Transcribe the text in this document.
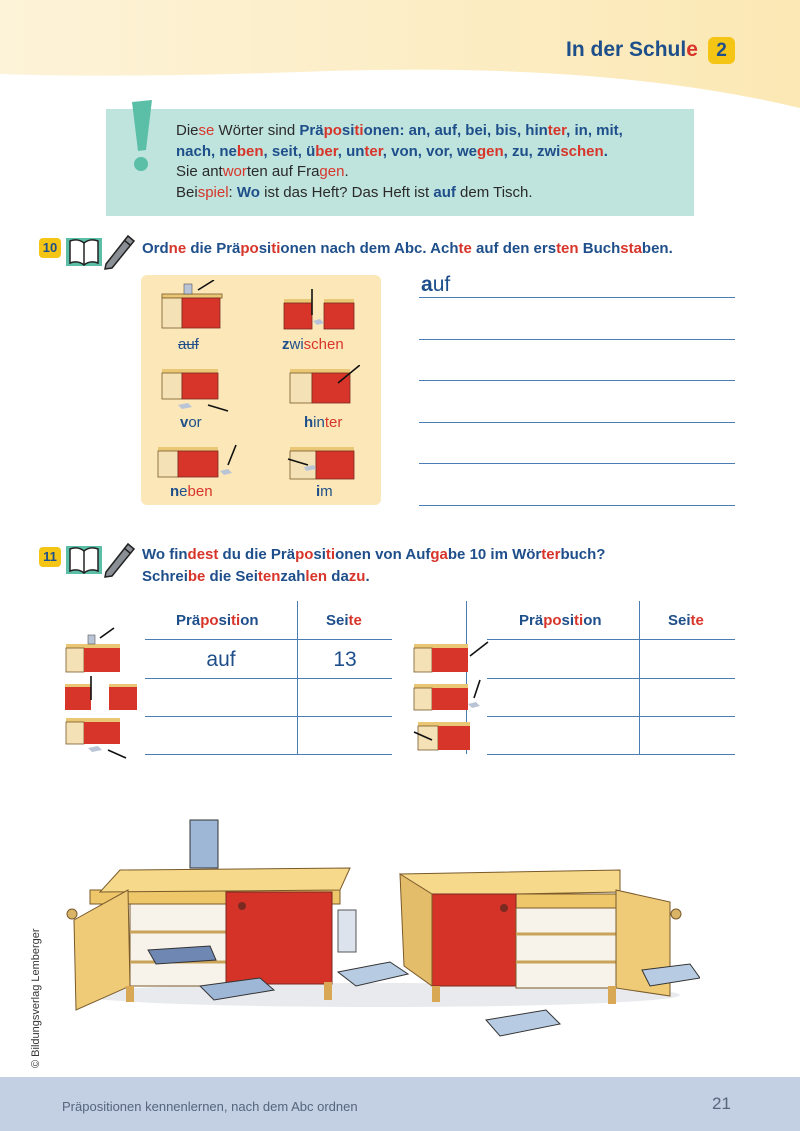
In der Schule 2
Diese Wörter sind Präpositionen: an, auf, bei, bis, hinter, in, mit,
nach, neben, seit, über, unter, von, vor, wegen, zu, zwischen.
Sie antworten auf Fragen.
Beispiel: Wo ist das Heft? Das Heft ist auf dem Tisch.
10	Ordne die Präpositionen nach dem Abc. Achte auf den ersten Buchstaben.
auf	zwischen
vor	hinter
neben	im
auf
11	Wo findest du die Präpositionen von Aufgabe 10 im Wörterbuch?
Schreibe die Seitenzahlen dazu.
Präposition	Seite
auf	13
Präposition	Seite
© Bildungsverlag Lemberger
Präpositionen kennenlernen, nach dem Abc ordnen	21
